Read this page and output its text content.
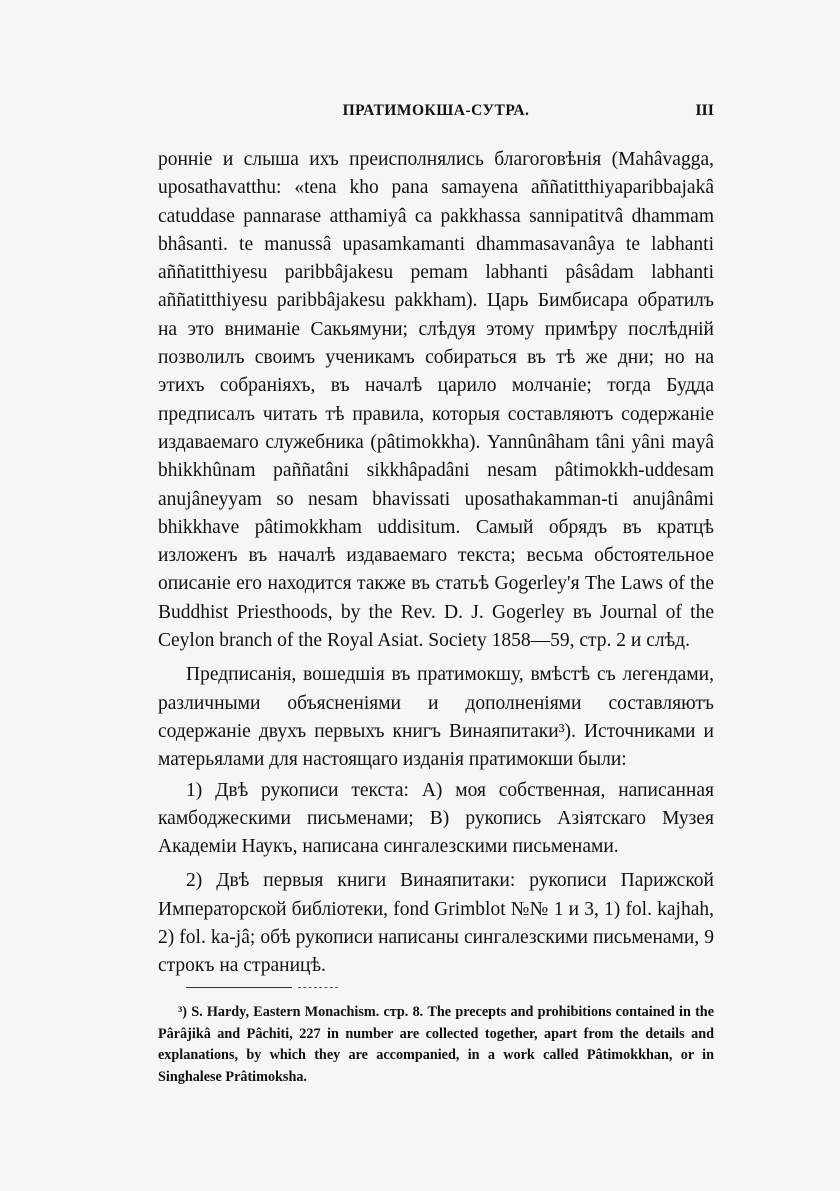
ПРАТИМОКША-СУТРА.	III

ронніе и слыша ихъ преисполнялись благоговѣнія (Mahâvagga, uposathavatthu: «tena kho pana samayena aññatitthiyaparibbajakâ catuddase pannarase atthamiyâ ca pakkhassa sannipatitvâ dhammam bhâsanti. te manussâ upasamkamanti dhammasavanâya te labhanti aññatitthiyesu paribbâjakesu pemam labhanti pâsâdam labhanti aññatitthiyesu paribbâjakesu pakkham). Царь Бимбисара обратилъ на это вниманіе Сакьямуни; слѣдуя этому примѣру послѣдній позволилъ своимъ ученикамъ собираться въ тѣ же дни; но на этихъ собраніяхъ, въ началѣ царило молчаніе; тогда Будда предписалъ читать тѣ правила, которыя составляютъ содержаніе издаваемаго служебника (pâtimokkha). Yannûnâham tâni yâni mayâ bhikkhûnam paññatâni sikkhâpadâni nesam pâtimokkh-uddesam anujâneyyam so nesam bhavissati uposathakamman-ti anujânâmi bhikkhave pâtimokkham uddisitum. Самый обрядъ въ кратцѣ изложенъ въ началѣ издаваемаго текста; весьма обстоятельное описаніе его находится также въ статьѣ Gogerley'я The Laws of the Buddhist Priesthoods, by the Rev. D. J. Gogerley въ Journal of the Ceylon branch of the Royal Asiat. Society 1858—59, стр. 2 и слѣд.

Предписанія, вошедшія въ пратимокшу, вмѣстѣ съ легендами, различными объясненіями и дополненіями составляютъ содержаніе двухъ первыхъ книгъ Винаяпитаки³). Источниками и матерьялами для настоящаго изданія пратимокши были:

1) Двѣ рукописи текста: А) моя собственная, написанная камбоджескими письменами; В) рукопись Азіятскаго Музея Академіи Наукъ, написана сингалезскими письменами.

2) Двѣ первыя книги Винаяпитаки: рукописи Парижской Императорской библіотеки, fond Grimblot №№ 1 и 3, 1) fol. kajhah, 2) fol. ka-jâ; обѣ рукописи написаны сингалезскими письменами, 9 строкъ на страницѣ.

³) S. Hardy, Eastern Monachism. стр. 8. The precepts and prohibitions contained in the Pârâjikâ and Pâchiti, 227 in number are collected together, apart from the details and explanations, by which they are accompanied, in a work called Pâtimokkhan, or in Singhalese Prâtimoksha.
